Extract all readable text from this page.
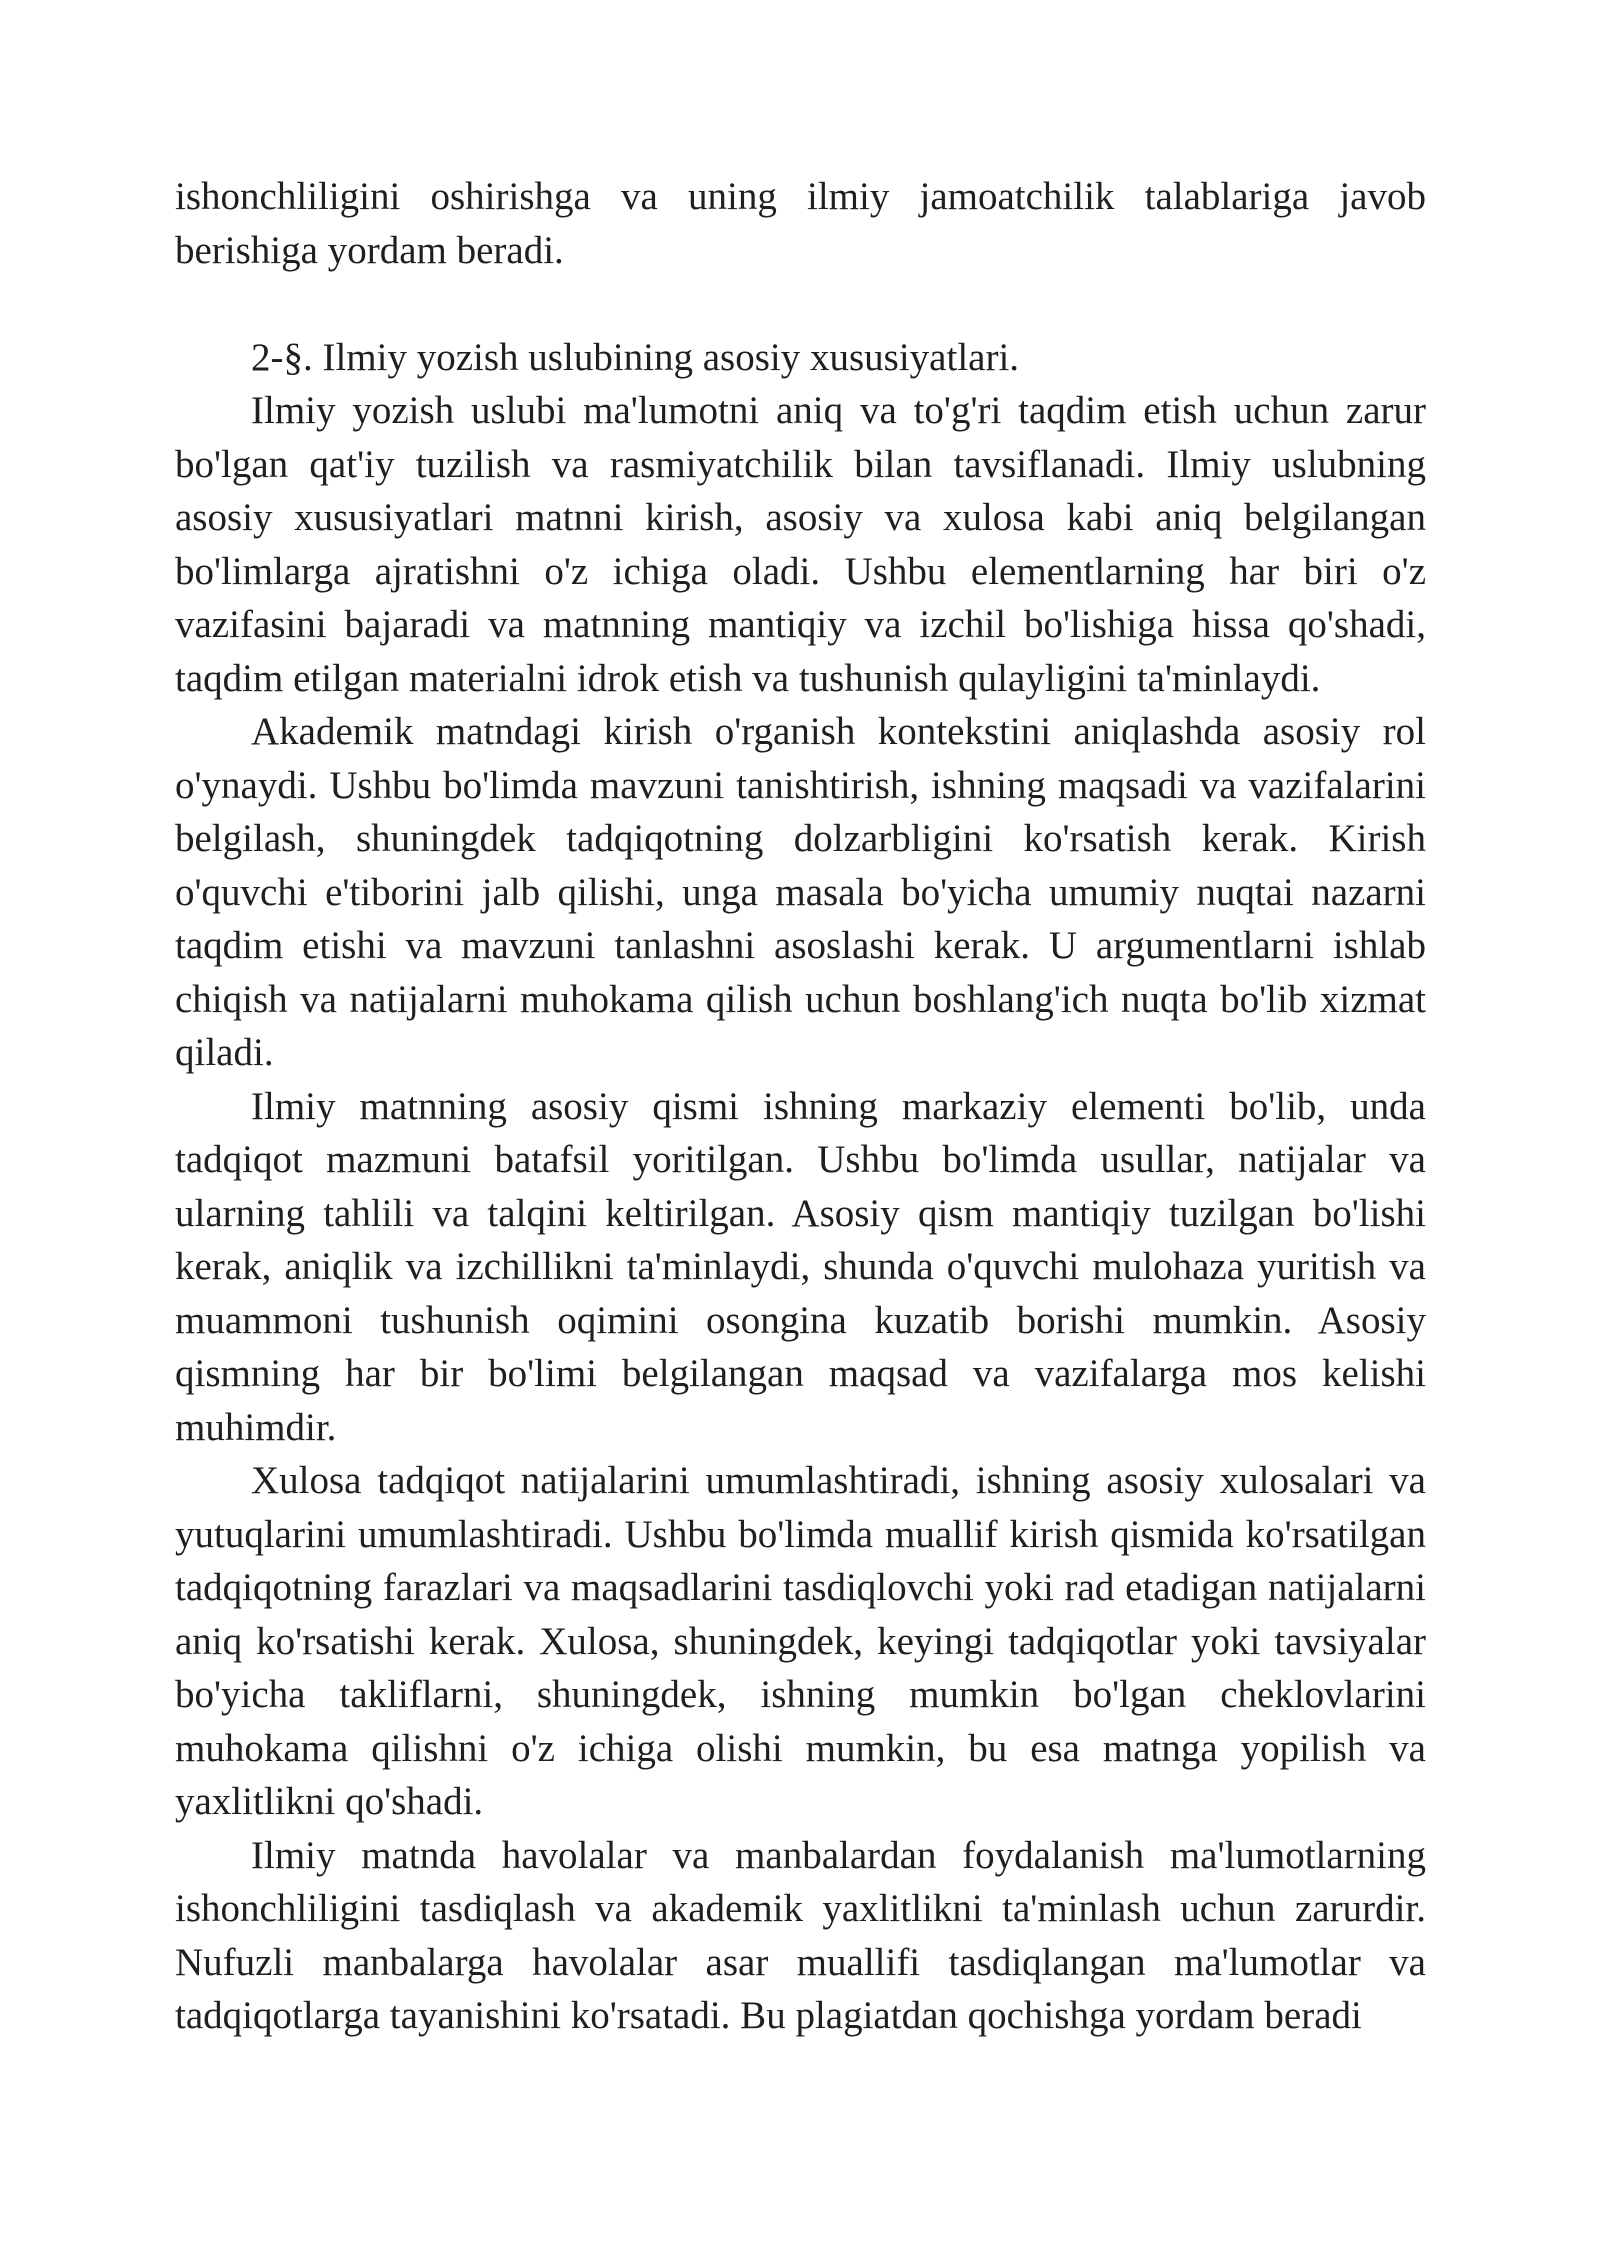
ishonchliligini oshirishga va uning ilmiy jamoatchilik talablariga javob berishiga yordam beradi.

2-§. Ilmiy yozish uslubining asosiy xususiyatlari.

Ilmiy yozish uslubi ma'lumotni aniq va to'g'ri taqdim etish uchun zarur bo'lgan qat'iy tuzilish va rasmiyatchilik bilan tavsiflanadi. Ilmiy uslubning asosiy xususiyatlari matnni kirish, asosiy va xulosa kabi aniq belgilangan bo'limlarga ajratishni o'z ichiga oladi. Ushbu elementlarning har biri o'z vazifasini bajaradi va matnning mantiqiy va izchil bo'lishiga hissa qo'shadi, taqdim etilgan materialni idrok etish va tushunish qulayligini ta'minlaydi.

Akademik matndagi kirish o'rganish kontekstini aniqlashda asosiy rol o'ynaydi. Ushbu bo'limda mavzuni tanishtirish, ishning maqsadi va vazifalarini belgilash, shuningdek tadqiqotning dolzarbligini ko'rsatish kerak. Kirish o'quvchi e'tiborini jalb qilishi, unga masala bo'yicha umumiy nuqtai nazarni taqdim etishi va mavzuni tanlashni asoslashi kerak. U argumentlarni ishlab chiqish va natijalarni muhokama qilish uchun boshlang'ich nuqta bo'lib xizmat qiladi.

Ilmiy matnning asosiy qismi ishning markaziy elementi bo'lib, unda tadqiqot mazmuni batafsil yoritilgan. Ushbu bo'limda usullar, natijalar va ularning tahlili va talqini keltirilgan. Asosiy qism mantiqiy tuzilgan bo'lishi kerak, aniqlik va izchillikni ta'minlaydi, shunda o'quvchi mulohaza yuritish va muammoni tushunish oqimini osongina kuzatib borishi mumkin. Asosiy qismning har bir bo'limi belgilangan maqsad va vazifalarga mos kelishi muhimdir.

Xulosa tadqiqot natijalarini umumlashtiradi, ishning asosiy xulosalari va yutuqlarini umumlashtiradi. Ushbu bo'limda muallif kirish qismida ko'rsatilgan tadqiqotning farazlari va maqsadlarini tasdiqlovchi yoki rad etadigan natijalarni aniq ko'rsatishi kerak. Xulosa, shuningdek, keyingi tadqiqotlar yoki tavsiyalar bo'yicha takliflarni, shuningdek, ishning mumkin bo'lgan cheklovlarini muhokama qilishni o'z ichiga olishi mumkin, bu esa matnga yopilish va yaxlitlikni qo'shadi.

Ilmiy matnda havolalar va manbalardan foydalanish ma'lumotlarning ishonchliligini tasdiqlash va akademik yaxlitlikni ta'minlash uchun zarurdir. Nufuzli manbalarga havolalar asar muallifi tasdiqlangan ma'lumotlar va tadqiqotlarga tayanishini ko'rsatadi. Bu plagiatdan qochishga yordam beradi
